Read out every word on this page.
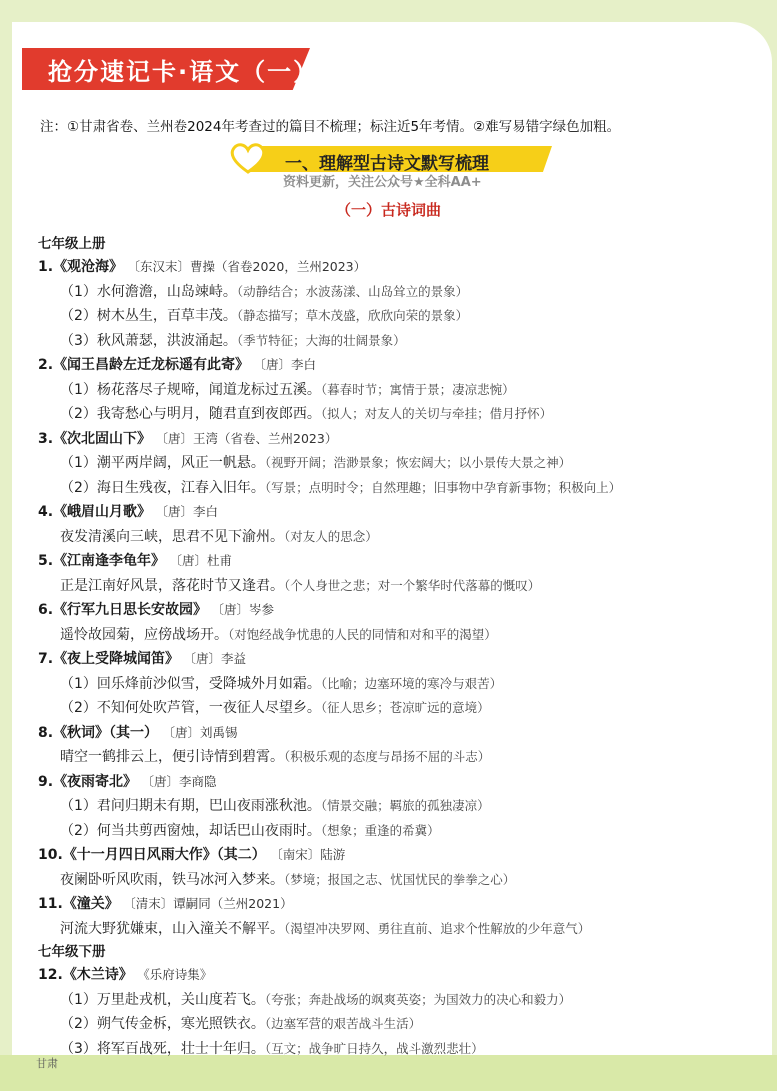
抢分速记卡·语文（一）
注：①甘肃省卷、兰州卷2024年考查过的篇目不梳理；标注近5年考情。②难写易错字绿色加粗。
一、理解型古诗文默写梳理
资料更新，关注公众号★全科AA+
（一）古诗词曲
七年级上册
1.《观沧海》 〔东汉末〕曹操（省卷2020，兰州2023）
（1）水何澹澹，山岛竦峙。（动静结合；水波荡漾、山岛耸立的景象）
（2）树木丛生，百草丰茂。（静态描写；草木茂盛，欣欣向荣的景象）
（3）秋风萧瑟，洪波涌起。（季节特征；大海的壮阔景象）
2.《闻王昌龄左迁龙标遥有此寄》 〔唐〕李白
（1）杨花落尽子规啼，闻道龙标过五溪。（暮春时节；寓情于景；凄凉悲惋）
（2）我寄愁心与明月，随君直到夜郎西。（拟人；对友人的关切与牵挂；借月抒怀）
3.《次北固山下》 〔唐〕王湾（省卷、兰州2023）
（1）潮平两岸阔，风正一帆悬。（视野开阔；浩渺景象；恢宏阔大；以小景传大景之神）
（2）海日生残夜，江春入旧年。（写景；点明时令；自然理趣；旧事物中孕育新事物；积极向上）
4.《峨眉山月歌》 〔唐〕李白
夜发清溪向三峡，思君不见下渝州。（对友人的思念）
5.《江南逢李龟年》 〔唐〕杜甫
正是江南好风景，落花时节又逢君。（个人身世之悲；对一个繁华时代落幕的慨叹）
6.《行军九日思长安故园》 〔唐〕岑参
遥怜故园菊，应傍战场开。（对饱经战争忧患的人民的同情和对和平的渴望）
7.《夜上受降城闻笛》 〔唐〕李益
（1）回乐烽前沙似雪，受降城外月如霜。（比喻；边塞环境的寒冷与艰苦）
（2）不知何处吹芦管，一夜征人尽望乡。（征人思乡；苍凉旷远的意境）
8.《秋词》（其一） 〔唐〕刘禹锡
晴空一鹤排云上，便引诗情到碧霄。（积极乐观的态度与昂扬不屈的斗志）
9.《夜雨寄北》 〔唐〕李商隐
（1）君问归期未有期，巴山夜雨涨秋池。（情景交融；羁旅的孤独凄凉）
（2）何当共剪西窗烛，却话巴山夜雨时。（想象；重逢的希冀）
10.《十一月四日风雨大作》（其二） 〔南宋〕陆游
夜阑卧听风吹雨，铁马冰河入梦来。（梦境；报国之志、忧国忧民的拳拳之心）
11.《潼关》 〔清末〕谭嗣同（兰州2021）
河流大野犹嫌束，山入潼关不解平。（渴望冲决罗网、勇往直前、追求个性解放的少年意气）
七年级下册
12.《木兰诗》 《乐府诗集》
（1）万里赴戎机，关山度若飞。（夸张；奔赴战场的飒爽英姿；为国效力的决心和毅力）
（2）朔气传金柝，寒光照铁衣。（边塞军营的艰苦战斗生活）
（3）将军百战死，壮士十年归。（互文；战争旷日持久，战斗激烈悲壮）
甘肃
